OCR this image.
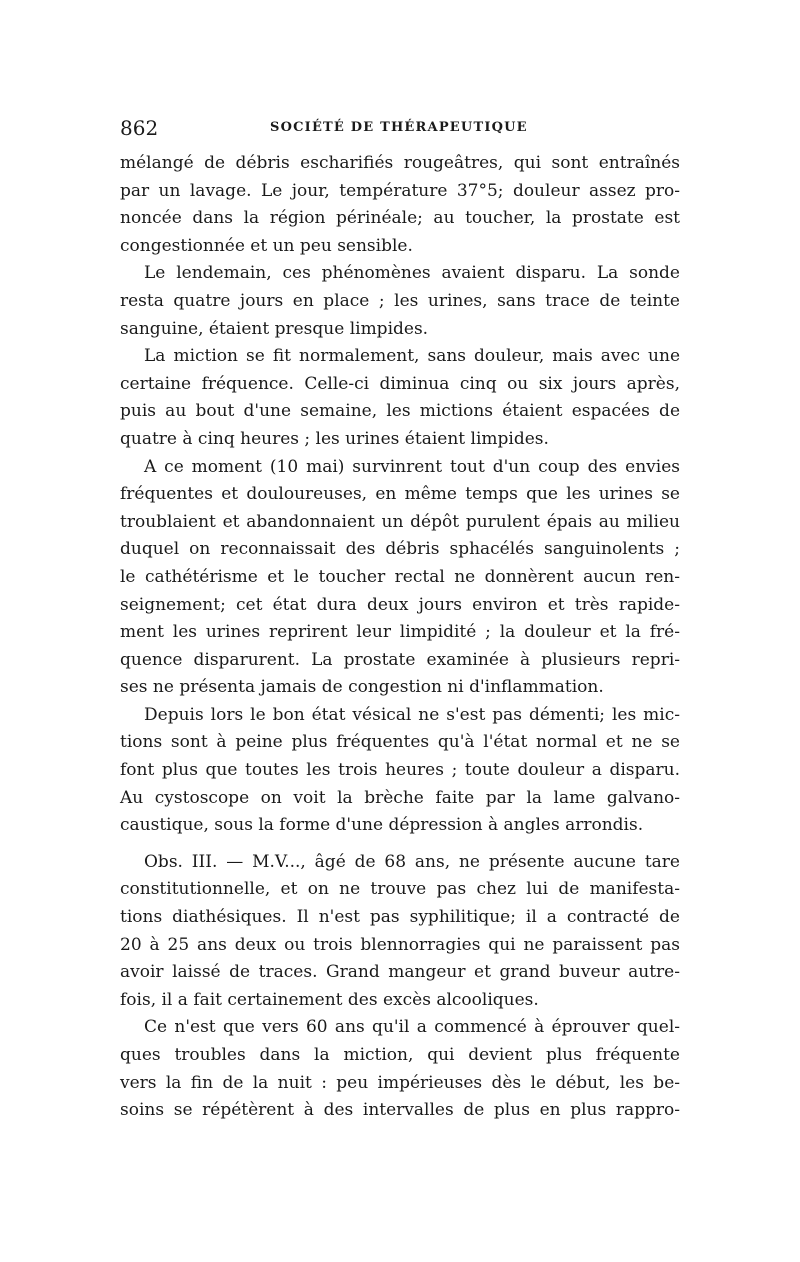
862	SOCIÉTÉ DE THÉRAPEUTIQUE
mélangé de débris escharifiés rougeâtres, qui sont entraînés
par un lavage. Le jour, température 37°5; douleur assez pro-
noncée dans la région périnéale; au toucher, la prostate est
congestionnée et un peu sensible.
Le lendemain, ces phénomènes avaient disparu. La sonde
resta quatre jours en place ; les urines, sans trace de teinte
sanguine, étaient presque limpides.
La miction se fit normalement, sans douleur, mais avec une
certaine fréquence. Celle-ci diminua cinq ou six jours après,
puis au bout d'une semaine, les mictions étaient espacées de
quatre à cinq heures ; les urines étaient limpides.
A ce moment (10 mai) survinrent tout d'un coup des envies
fréquentes et douloureuses, en même temps que les urines se
troublaient et abandonnaient un dépôt purulent épais au milieu
duquel on reconnaissait des débris sphacélés sanguinolents ;
le cathétérisme et le toucher rectal ne donnèrent aucun ren-
seignement; cet état dura deux jours environ et très rapide-
ment les urines reprirent leur limpidité ; la douleur et la fré-
quence disparurent. La prostate examinée à plusieurs repri-
ses ne présenta jamais de congestion ni d'inflammation.
Depuis lors le bon état vésical ne s'est pas démenti; les mic-
tions sont à peine plus fréquentes qu'à l'état normal et ne se
font plus que toutes les trois heures ; toute douleur a disparu.
Au cystoscope on voit la brèche faite par la lame galvano-
caustique, sous la forme d'une dépression à angles arrondis.
Obs. III. — M.V..., âgé de 68 ans, ne présente aucune tare
constitutionnelle, et on ne trouve pas chez lui de manifesta-
tions diathésiques. Il n'est pas syphilitique; il a contracté de
20 à 25 ans deux ou trois blennorragies qui ne paraissent pas
avoir laissé de traces. Grand mangeur et grand buveur autre-
fois, il a fait certainement des excès alcooliques.
Ce n'est que vers 60 ans qu'il a commencé à éprouver quel-
ques troubles dans la miction, qui devient plus fréquente
vers la fin de la nuit : peu impérieuses dès le début, les be-
soins se répétèrent à des intervalles de plus en plus rappro-
